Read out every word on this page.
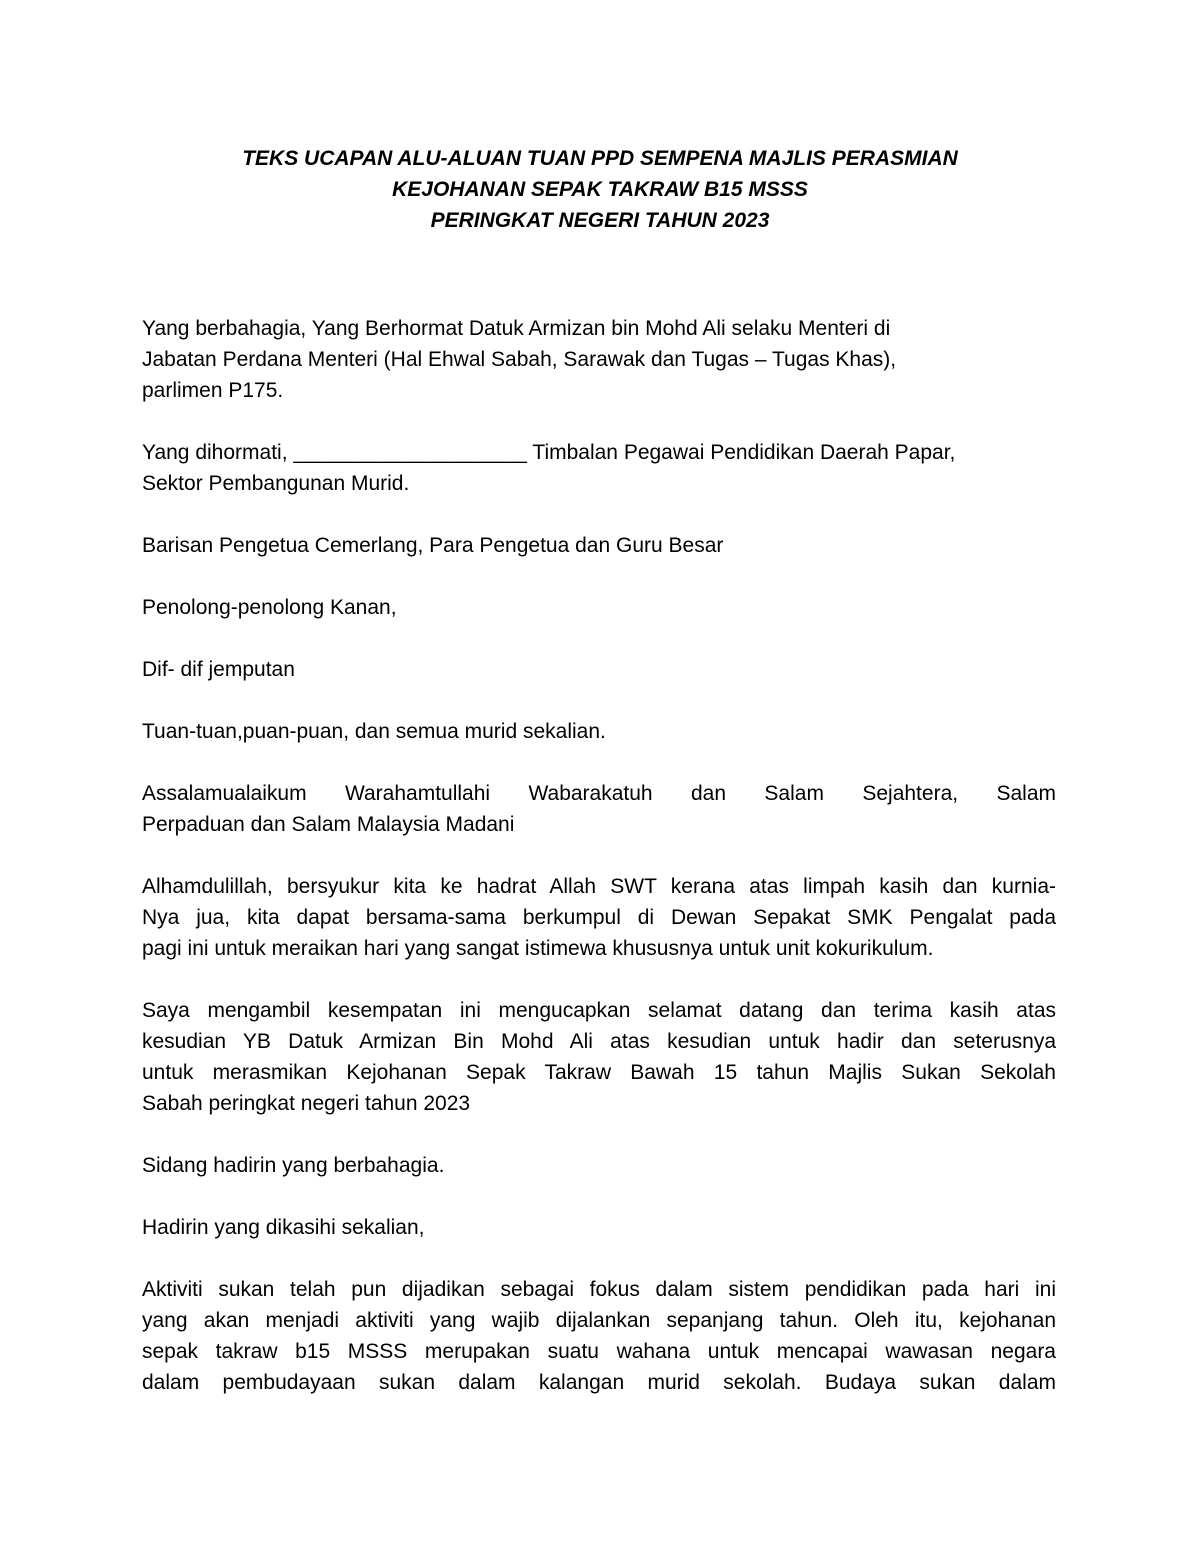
TEKS UCAPAN ALU-ALUAN TUAN PPD SEMPENA MAJLIS PERASMIAN
KEJOHANAN SEPAK TAKRAW B15 MSSS
PERINGKAT NEGERI TAHUN 2023

Yang berbahagia, Yang Berhormat Datuk Armizan bin Mohd Ali selaku Menteri di
Jabatan Perdana Menteri (Hal Ehwal Sabah, Sarawak dan Tugas – Tugas Khas),
parlimen P175.

Yang dihormati, ____________________ Timbalan Pegawai Pendidikan Daerah Papar,
Sektor Pembangunan Murid.

Barisan Pengetua Cemerlang, Para Pengetua dan Guru Besar

Penolong-penolong Kanan,

Dif- dif jemputan

Tuan-tuan,puan-puan, dan semua murid sekalian.

Assalamualaikum Warahamtullahi Wabarakatuh dan Salam Sejahtera, Salam
Perpaduan dan Salam Malaysia Madani

Alhamdulillah, bersyukur kita ke hadrat Allah SWT kerana atas limpah kasih dan kurnia-
Nya jua, kita dapat bersama-sama berkumpul di Dewan Sepakat SMK Pengalat pada
pagi ini untuk meraikan hari yang sangat istimewa khususnya untuk unit kokurikulum.

Saya mengambil kesempatan ini mengucapkan selamat datang dan terima kasih atas
kesudian YB Datuk Armizan Bin Mohd Ali atas kesudian untuk hadir dan seterusnya
untuk merasmikan Kejohanan Sepak Takraw Bawah 15 tahun Majlis Sukan Sekolah
Sabah peringkat negeri tahun 2023

Sidang hadirin yang berbahagia.

Hadirin yang dikasihi sekalian,

Aktiviti sukan telah pun dijadikan sebagai fokus dalam sistem pendidikan pada hari ini
yang akan menjadi aktiviti yang wajib dijalankan sepanjang tahun. Oleh itu, kejohanan
sepak takraw b15 MSSS merupakan suatu wahana untuk mencapai wawasan negara
dalam pembudayaan sukan dalam kalangan murid sekolah. Budaya sukan dalam
